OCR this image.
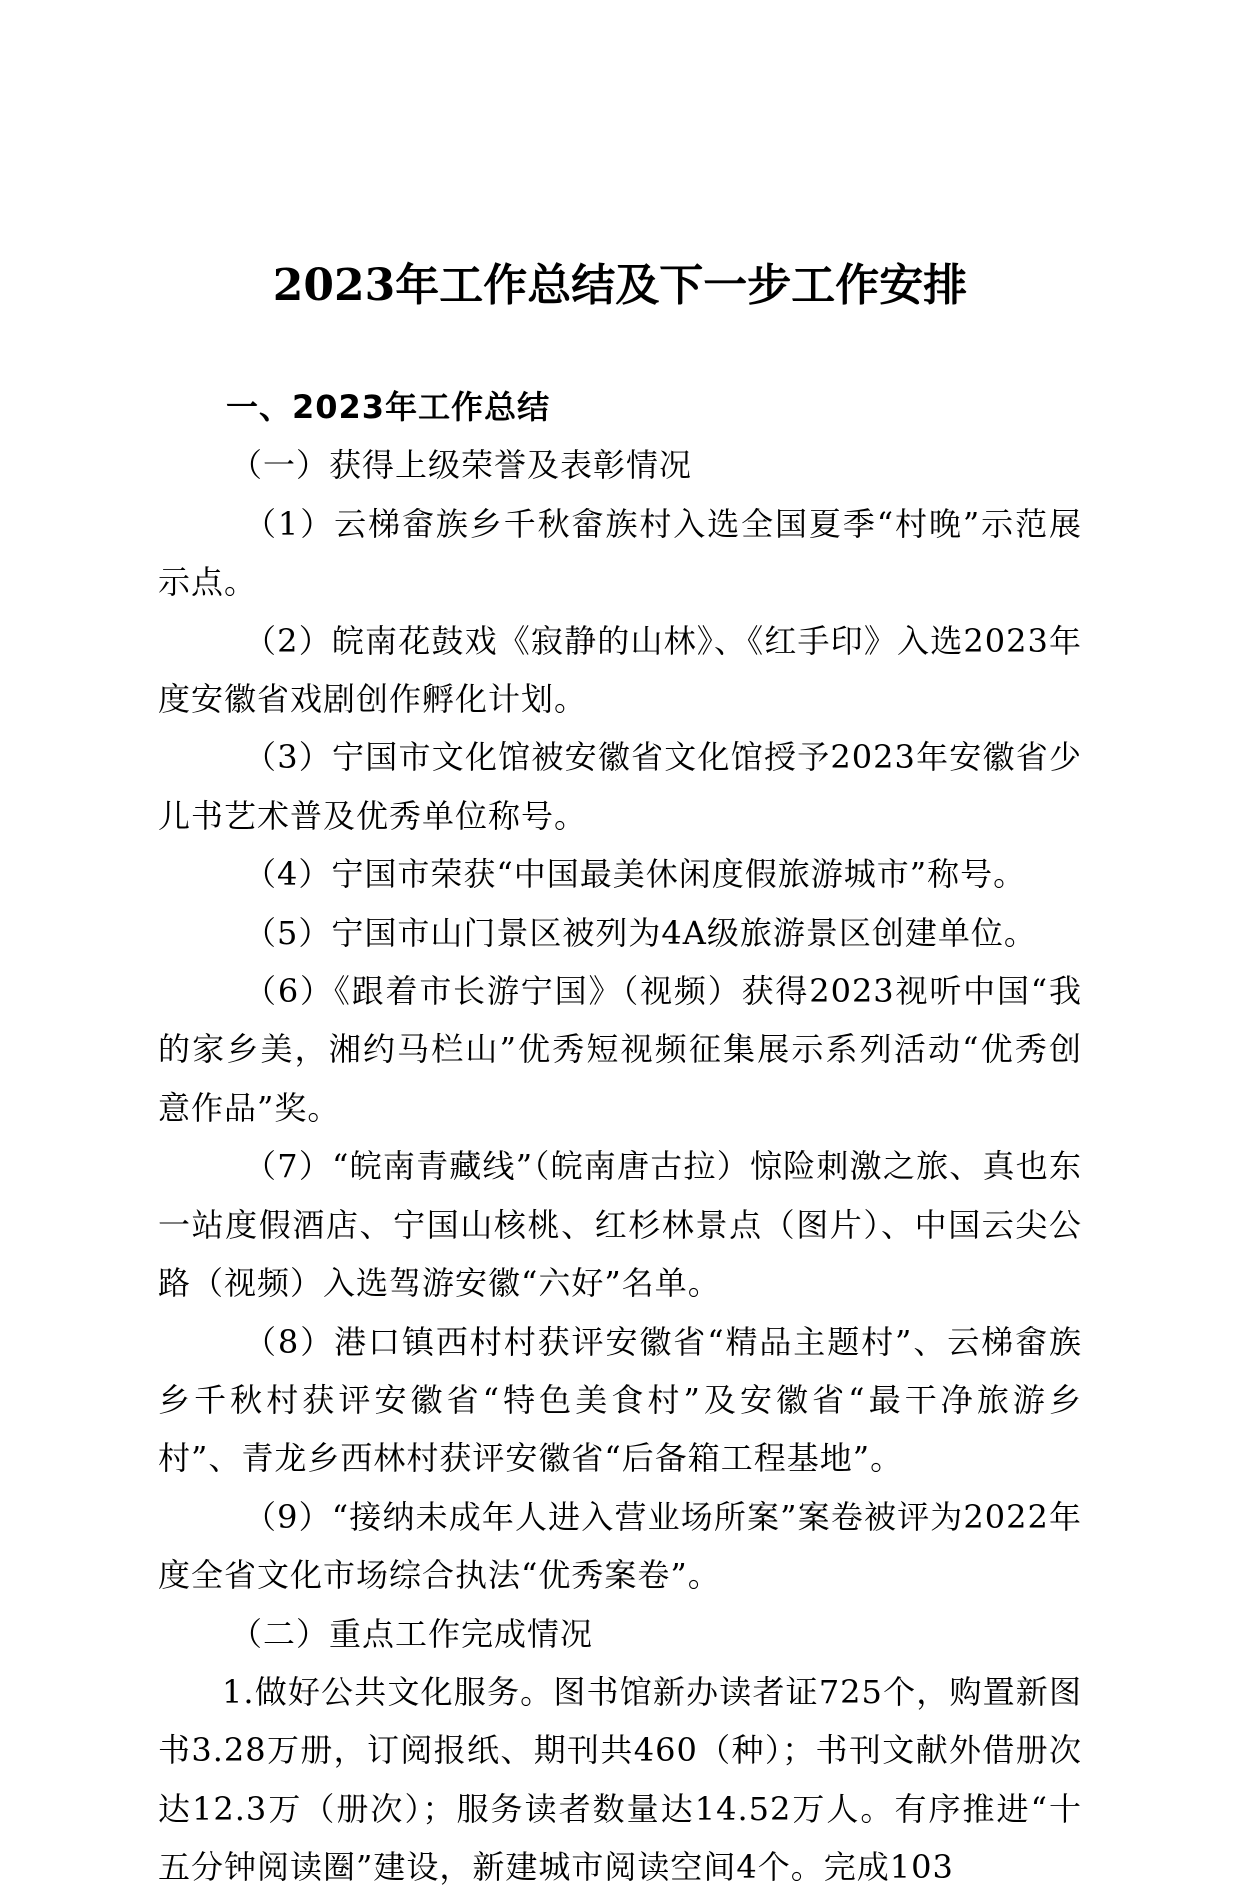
2023年工作总结及下一步工作安排

一、2023年工作总结

（一）获得上级荣誉及表彰情况

（1）云梯畲族乡千秋畲族村入选全国夏季“村晚”示范展示点。

（2）皖南花鼓戏《寂静的山林》、《红手印》入选2023年度安徽省戏剧创作孵化计划。

（3）宁国市文化馆被安徽省文化馆授予2023年安徽省少儿书艺术普及优秀单位称号。

（4）宁国市荣获“中国最美休闲度假旅游城市”称号。

（5）宁国市山门景区被列为4A级旅游景区创建单位。

（6）《跟着市长游宁国》（视频）获得2023视听中国“我的家乡美，湘约马栏山”优秀短视频征集展示系列活动“优秀创意作品”奖。

（7）“皖南青藏线”（皖南唐古拉）惊险刺激之旅、真也东一站度假酒店、宁国山核桃、红杉林景点（图片）、中国云尖公路（视频）入选驾游安徽“六好”名单。

（8）港口镇西村村获评安徽省“精品主题村”、云梯畲族乡千秋村获评安徽省“特色美食村”及安徽省“最干净旅游乡村”、青龙乡西林村获评安徽省“后备箱工程基地”。

（9）“接纳未成年人进入营业场所案”案卷被评为2022年度全省文化市场综合执法“优秀案卷”。

（二）重点工作完成情况

1.做好公共文化服务。图书馆新办读者证725个，购置新图书3.28万册，订阅报纸、期刊共460（种）；书刊文献外借册次达12.3万（册次）；服务读者数量达14.52万人。有序推进“十五分钟阅读圈”建设，新建城市阅读空间4个。完成103
